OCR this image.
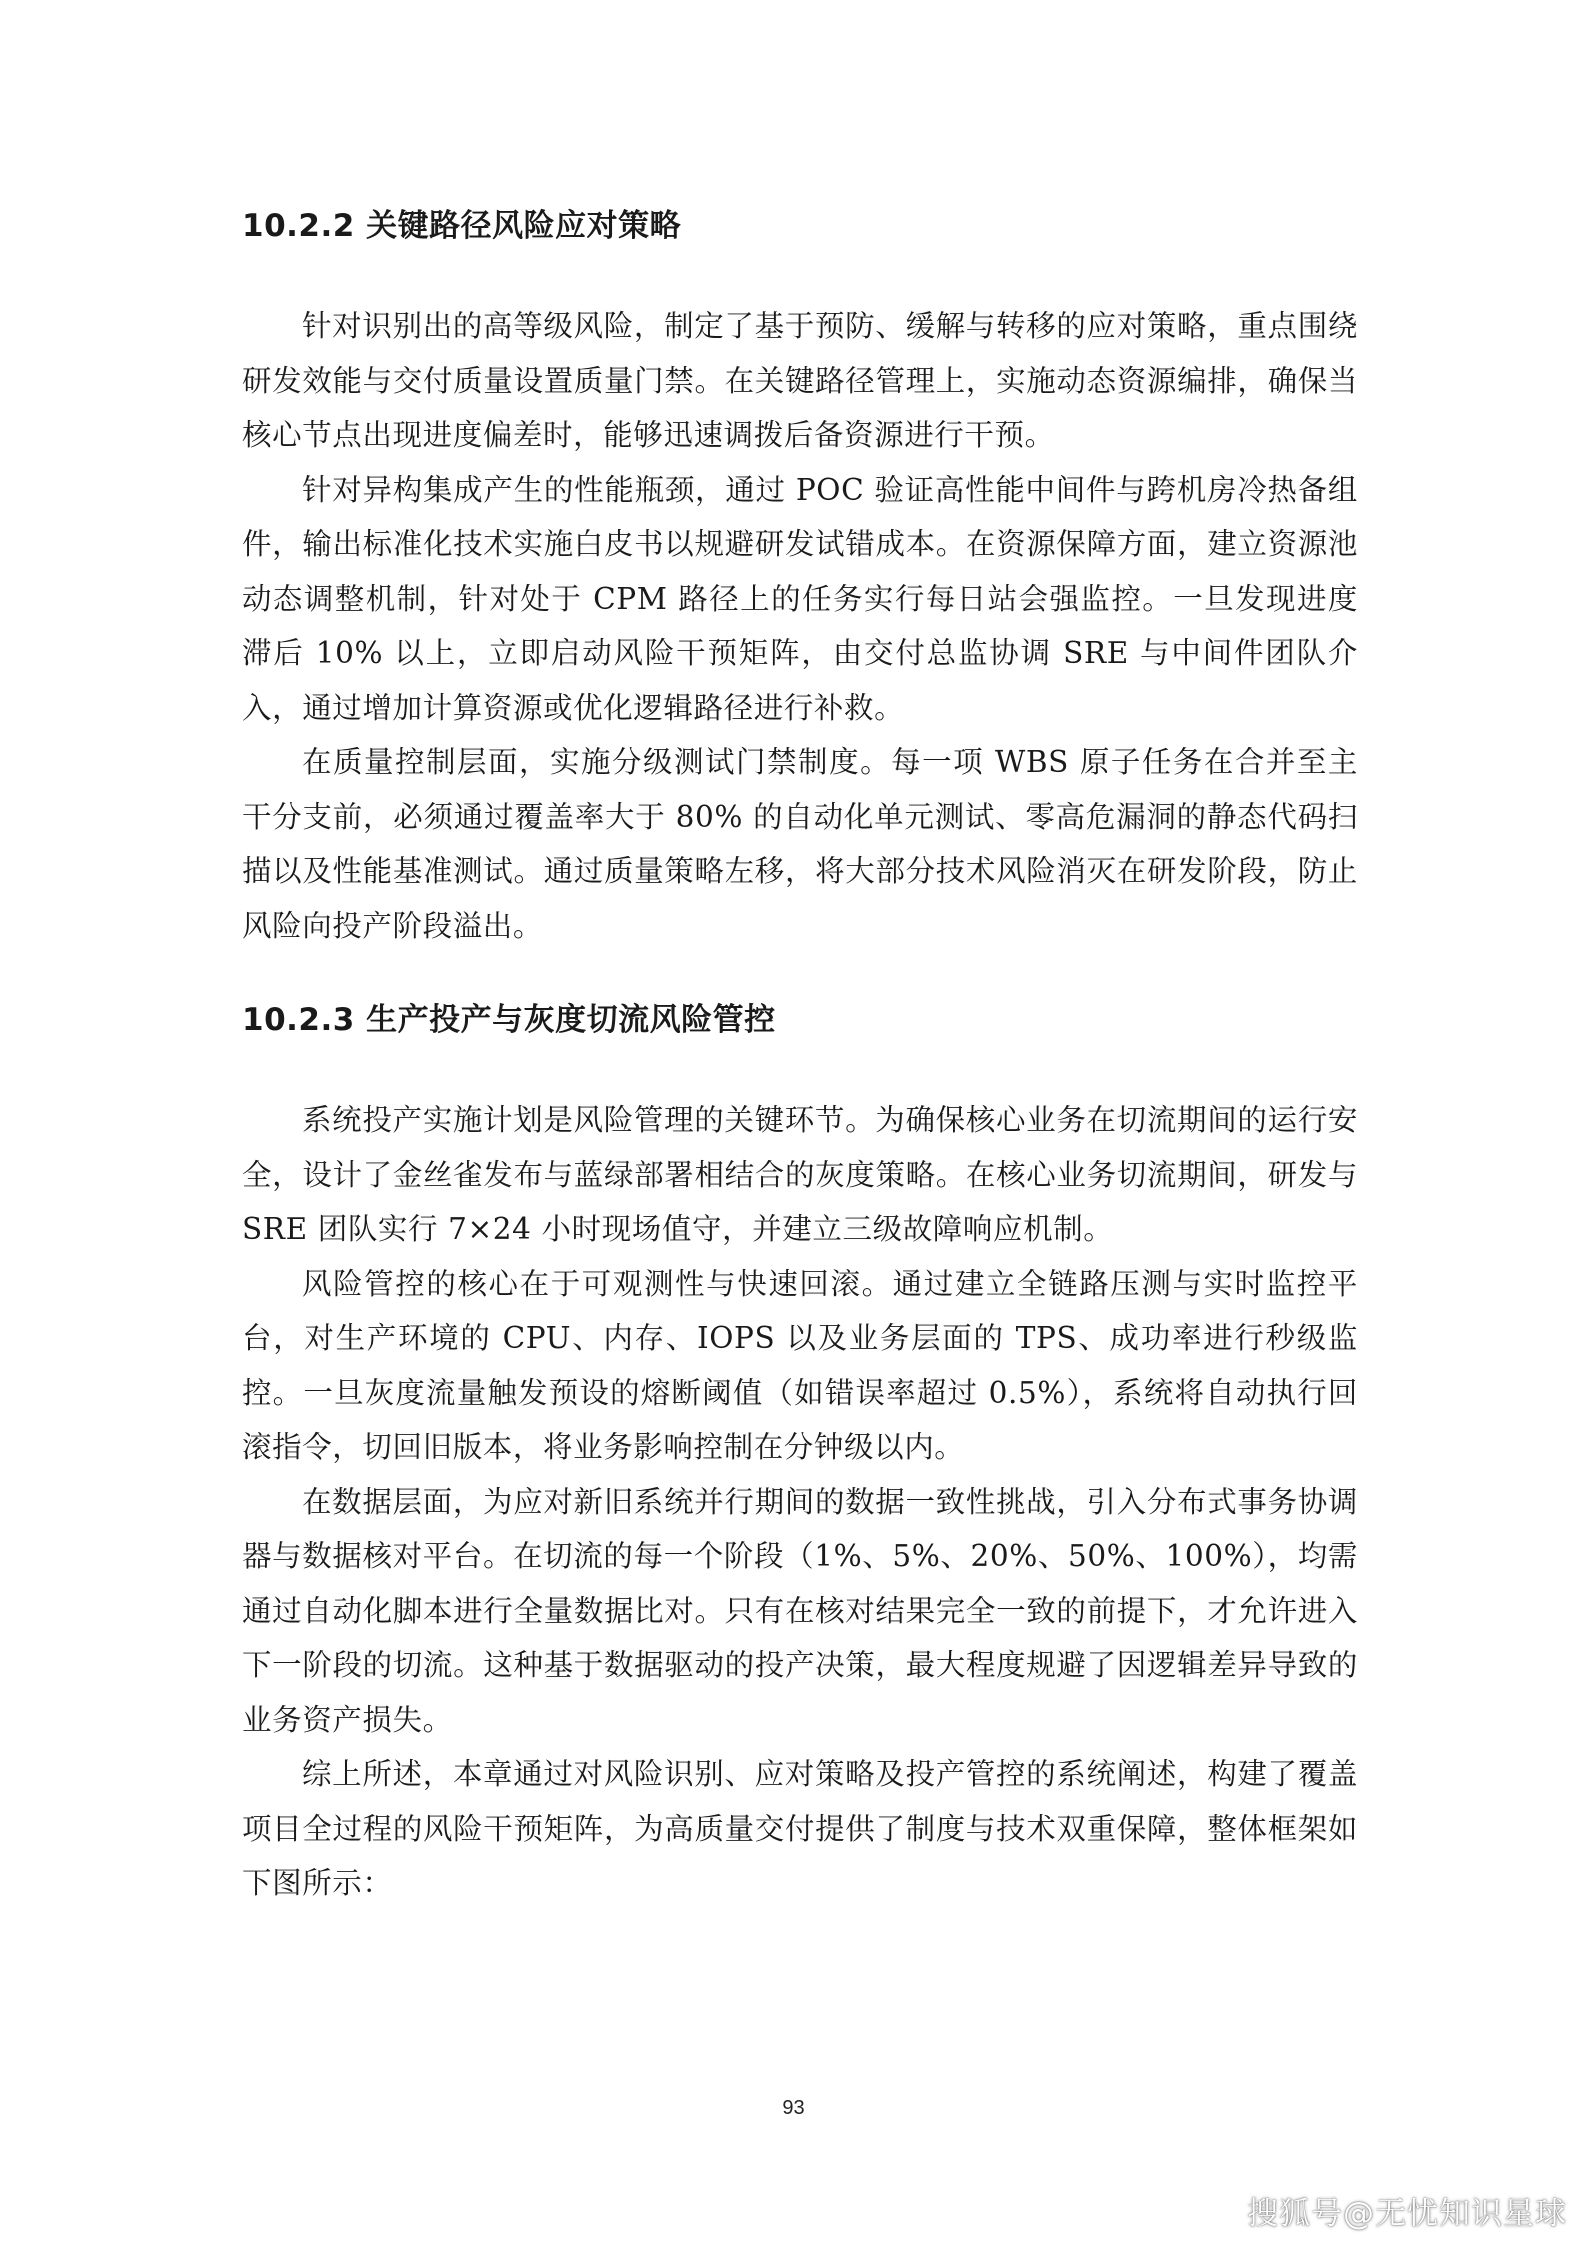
10.2.2 关键路径风险应对策略

针对识别出的高等级风险，制定了基于预防、缓解与转移的应对策略，重点围绕研发效能与交付质量设置质量门禁。在关键路径管理上，实施动态资源编排，确保当核心节点出现进度偏差时，能够迅速调拨后备资源进行干预。

针对异构集成产生的性能瓶颈，通过 POC 验证高性能中间件与跨机房冷热备组件，输出标准化技术实施白皮书以规避研发试错成本。在资源保障方面，建立资源池动态调整机制，针对处于 CPM 路径上的任务实行每日站会强监控。一旦发现进度滞后 10% 以上，立即启动风险干预矩阵，由交付总监协调 SRE 与中间件团队介入，通过增加计算资源或优化逻辑路径进行补救。

在质量控制层面，实施分级测试门禁制度。每一项 WBS 原子任务在合并至主干分支前，必须通过覆盖率大于 80% 的自动化单元测试、零高危漏洞的静态代码扫描以及性能基准测试。通过质量策略左移，将大部分技术风险消灭在研发阶段，防止风险向投产阶段溢出。

10.2.3 生产投产与灰度切流风险管控

系统投产实施计划是风险管理的关键环节。为确保核心业务在切流期间的运行安全，设计了金丝雀发布与蓝绿部署相结合的灰度策略。在核心业务切流期间，研发与 SRE 团队实行 7×24 小时现场值守，并建立三级故障响应机制。

风险管控的核心在于可观测性与快速回滚。通过建立全链路压测与实时监控平台，对生产环境的 CPU、内存、IOPS 以及业务层面的 TPS、成功率进行秒级监控。一旦灰度流量触发预设的熔断阈值（如错误率超过 0.5%），系统将自动执行回滚指令，切回旧版本，将业务影响控制在分钟级以内。

在数据层面，为应对新旧系统并行期间的数据一致性挑战，引入分布式事务协调器与数据核对平台。在切流的每一个阶段（1%、5%、20%、50%、100%），均需通过自动化脚本进行全量数据比对。只有在核对结果完全一致的前提下，才允许进入下一阶段的切流。这种基于数据驱动的投产决策，最大程度规避了因逻辑差异导致的业务资产损失。

综上所述，本章通过对风险识别、应对策略及投产管控的系统阐述，构建了覆盖项目全过程的风险干预矩阵，为高质量交付提供了制度与技术双重保障，整体框架如下图所示：

93
搜狐号@无忧知识星球
